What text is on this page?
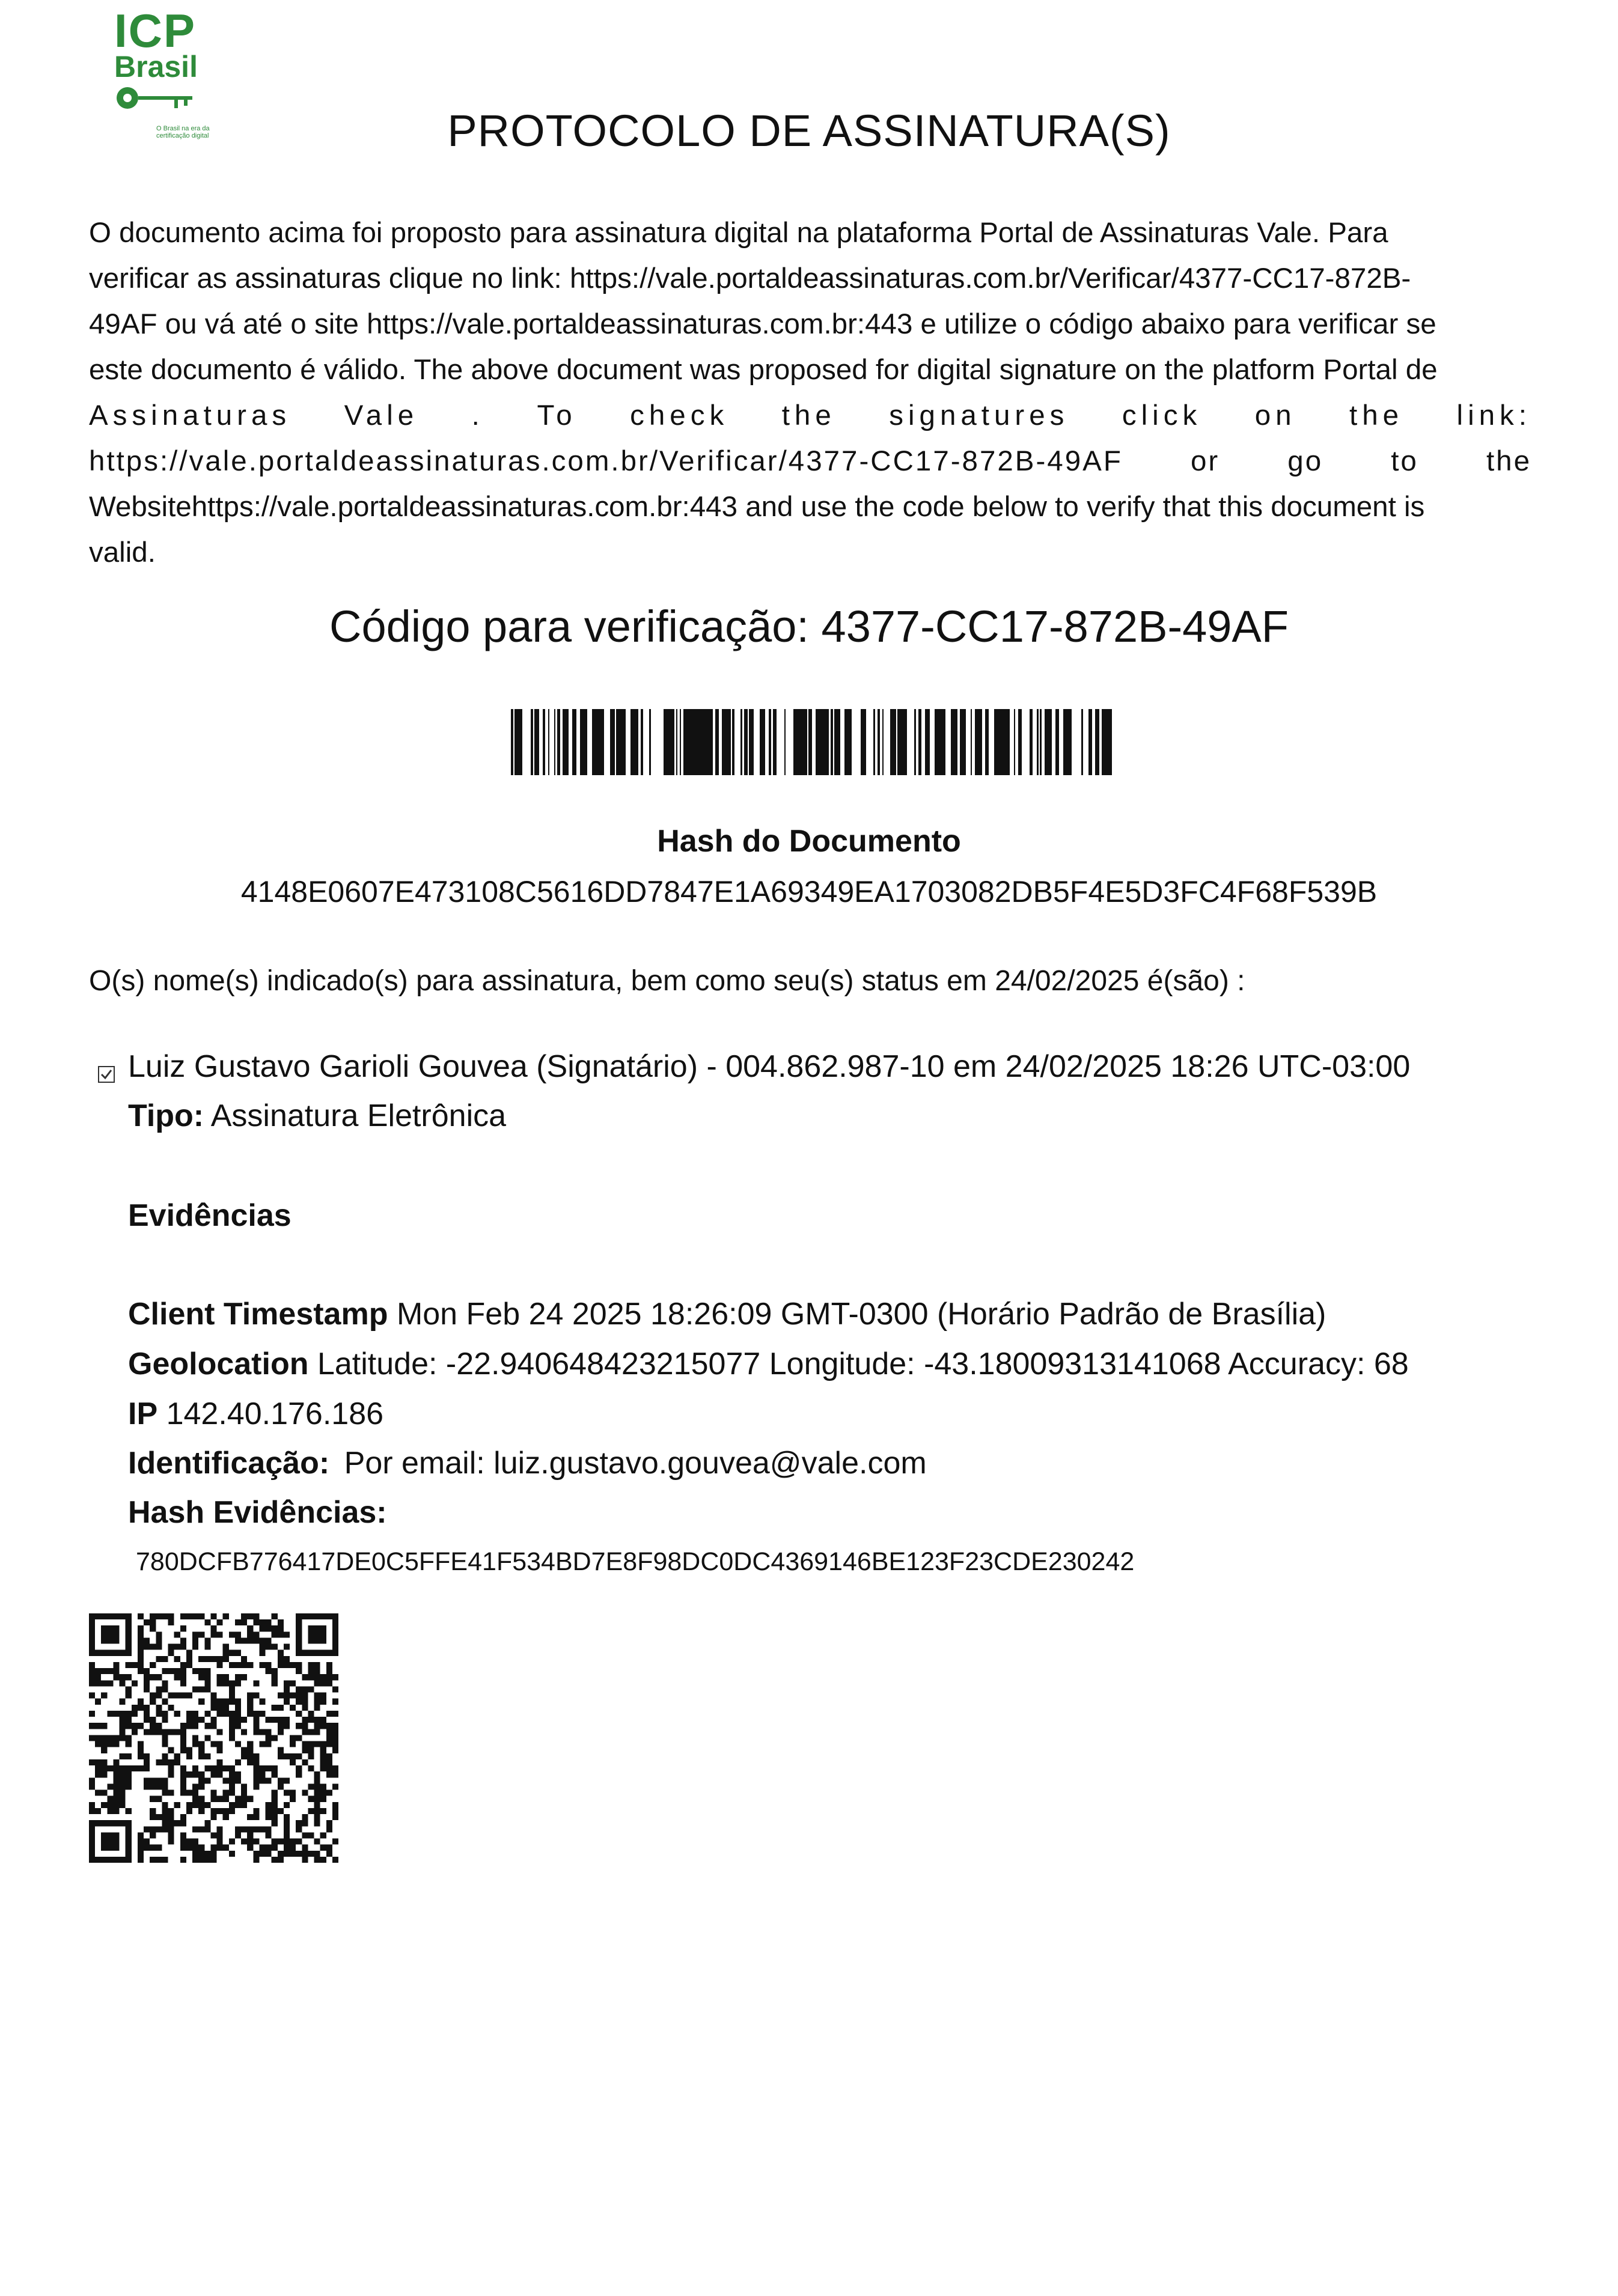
ICP
Brasil
O Brasil na era da certificação digital	PROTOCOLO DE ASSINATURA(S)
O documento acima foi proposto para assinatura digital na plataforma Portal de Assinaturas Vale. Para
verificar as assinaturas clique no link: https://vale.portaldeassinaturas.com.br/Verificar/4377-CC17-872B-
49AF ou vá até o site https://vale.portaldeassinaturas.com.br:443 e utilize o código abaixo para verificar se
este documento é válido. The above document was proposed for digital signature on the platform Portal de
Assinaturas Vale . To check the signatures click on the link:
https://vale.portaldeassinaturas.com.br/Verificar/4377-CC17-872B-49AF or go to the
Websitehttps://vale.portaldeassinaturas.com.br:443 and use the code below to verify that this document is
valid.
Código para verificação: 4377-CC17-872B-49AF
Hash do Documento
4148E0607E473108C5616DD7847E1A69349EA1703082DB5F4E5D3FC4F68F539B
O(s) nome(s) indicado(s) para assinatura, bem como seu(s) status em 24/02/2025 é(são) :
Luiz Gustavo Garioli Gouvea (Signatário) - 004.862.987-10 em 24/02/2025 18:26 UTC-03:00
Tipo: Assinatura Eletrônica
Evidências
Client Timestamp Mon Feb 24 2025 18:26:09 GMT-0300 (Horário Padrão de Brasília)
Geolocation Latitude: -22.940648423215077 Longitude: -43.18009313141068 Accuracy: 68
IP 142.40.176.186
Identificação: Por email: luiz.gustavo.gouvea@vale.com
Hash Evidências:
780DCFB776417DE0C5FFE41F534BD7E8F98DC0DC4369146BE123F23CDE230242
